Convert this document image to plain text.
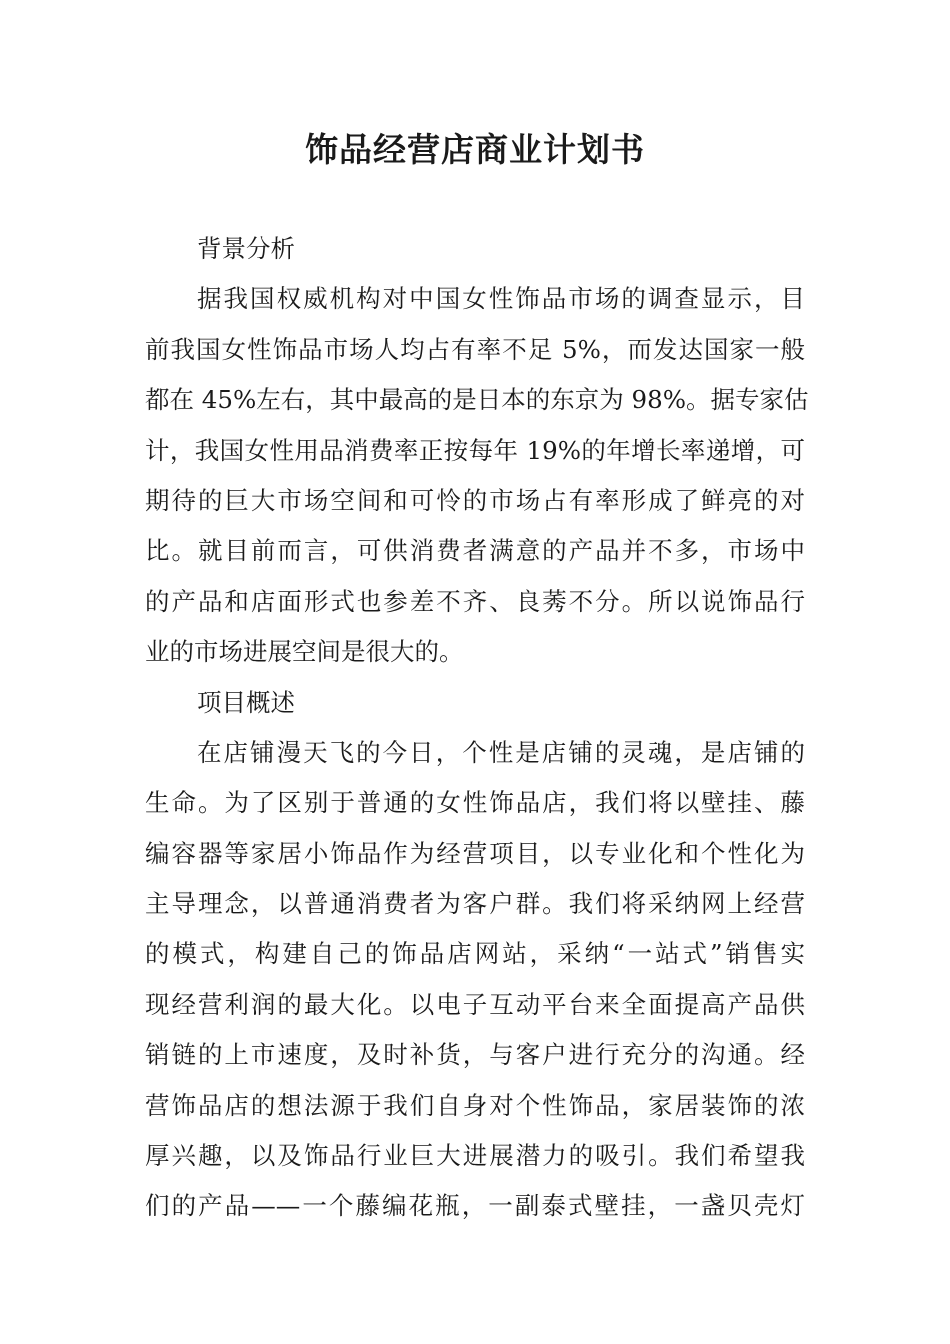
饰品经营店商业计划书
背景分析
据我国权威机构对中国女性饰品市场的调查显示，目
前我国女性饰品市场人均占有率不足 5%，而发达国家一般
都在 45%左右，其中最高的是日本的东京为 98%。据专家估
计，我国女性用品消费率正按每年 19%的年增长率递增，可
期待的巨大市场空间和可怜的市场占有率形成了鲜亮的对
比。就目前而言，可供消费者满意的产品并不多，市场中
的产品和店面形式也参差不齐、良莠不分。所以说饰品行
业的市场进展空间是很大的。
项目概述
在店铺漫天飞的今日，个性是店铺的灵魂，是店铺的
生命。为了区别于普通的女性饰品店，我们将以壁挂、藤
编容器等家居小饰品作为经营项目，以专业化和个性化为
主导理念，以普通消费者为客户群。我们将采纳网上经营
的模式，构建自己的饰品店网站，采纳“一站式”销售实
现经营利润的最大化。以电子互动平台来全面提高产品供
销链的上市速度，及时补货，与客户进行充分的沟通。经
营饰品店的想法源于我们自身对个性饰品，家居装饰的浓
厚兴趣，以及饰品行业巨大进展潜力的吸引。我们希望我
们的产品——一个藤编花瓶，一副泰式壁挂，一盏贝壳灯
